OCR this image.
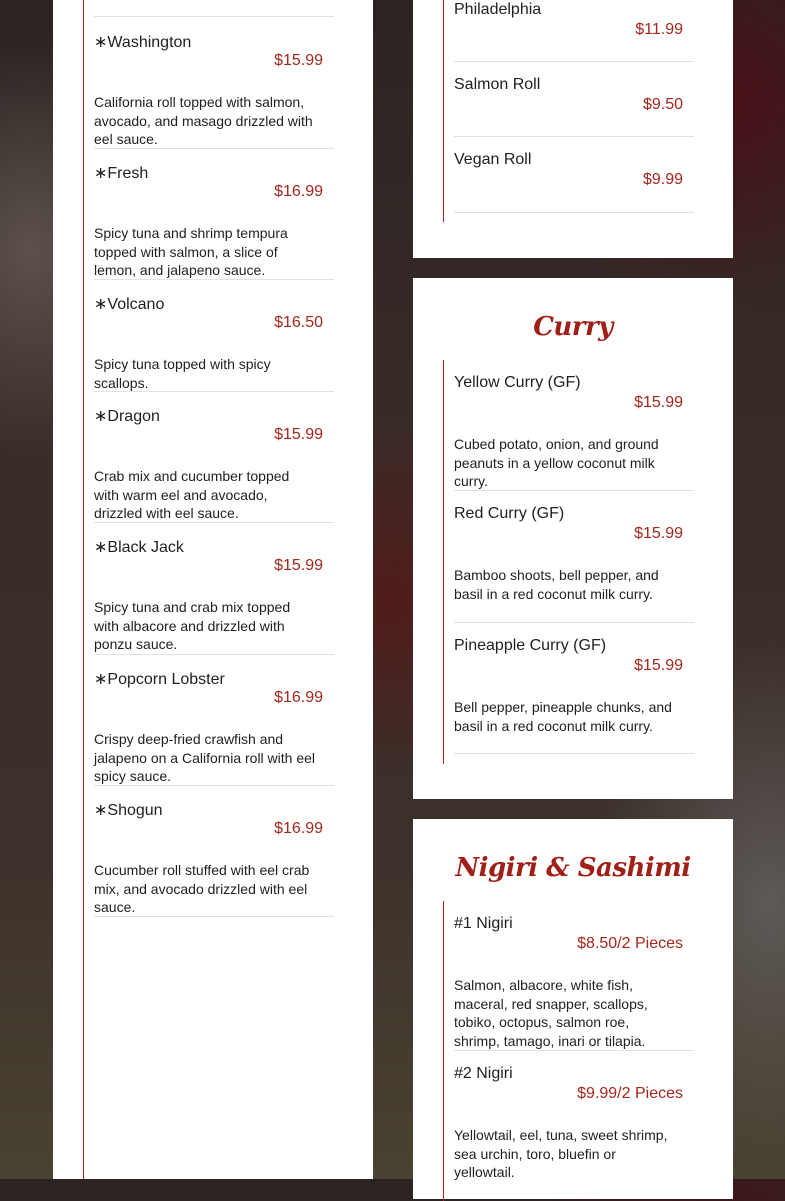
∗Washington
$15.99
California roll topped with salmon, avocado, and masago drizzled with eel sauce.
∗Fresh
$16.99
Spicy tuna and shrimp tempura topped with salmon, a slice of lemon, and jalapeno sauce.
∗Volcano
$16.50
Spicy tuna topped with spicy scallops.
∗Dragon
$15.99
Crab mix and cucumber topped with warm eel and avocado, drizzled with eel sauce.
∗Black Jack
$15.99
Spicy tuna and crab mix topped with albacore and drizzled with ponzu sauce.
∗Popcorn Lobster
$16.99
Crispy deep-fried crawfish and jalapeno on a California roll with eel spicy sauce.
∗Shogun
$16.99
Cucumber roll stuffed with eel crab mix, and avocado drizzled with eel sauce.
Philadelphia
$11.99
Salmon Roll
$9.50
Vegan Roll
$9.99
Curry
Yellow Curry (GF)
$15.99
Cubed potato, onion, and ground peanuts in a yellow coconut milk curry.
Red Curry (GF)
$15.99
Bamboo shoots, bell pepper, and basil in a red coconut milk curry.
Pineapple Curry (GF)
$15.99
Bell pepper, pineapple chunks, and basil in a red coconut milk curry.
Nigiri & Sashimi
#1 Nigiri
$8.50/2 Pieces
Salmon, albacore, white fish, maceral, red snapper, scallops, tobiko, octopus, salmon roe, shrimp, tamago, inari or tilapia.
#2 Nigiri
$9.99/2 Pieces
Yellowtail, eel, tuna, sweet shrimp, sea urchin, toro, bluefin or yellowtail.
